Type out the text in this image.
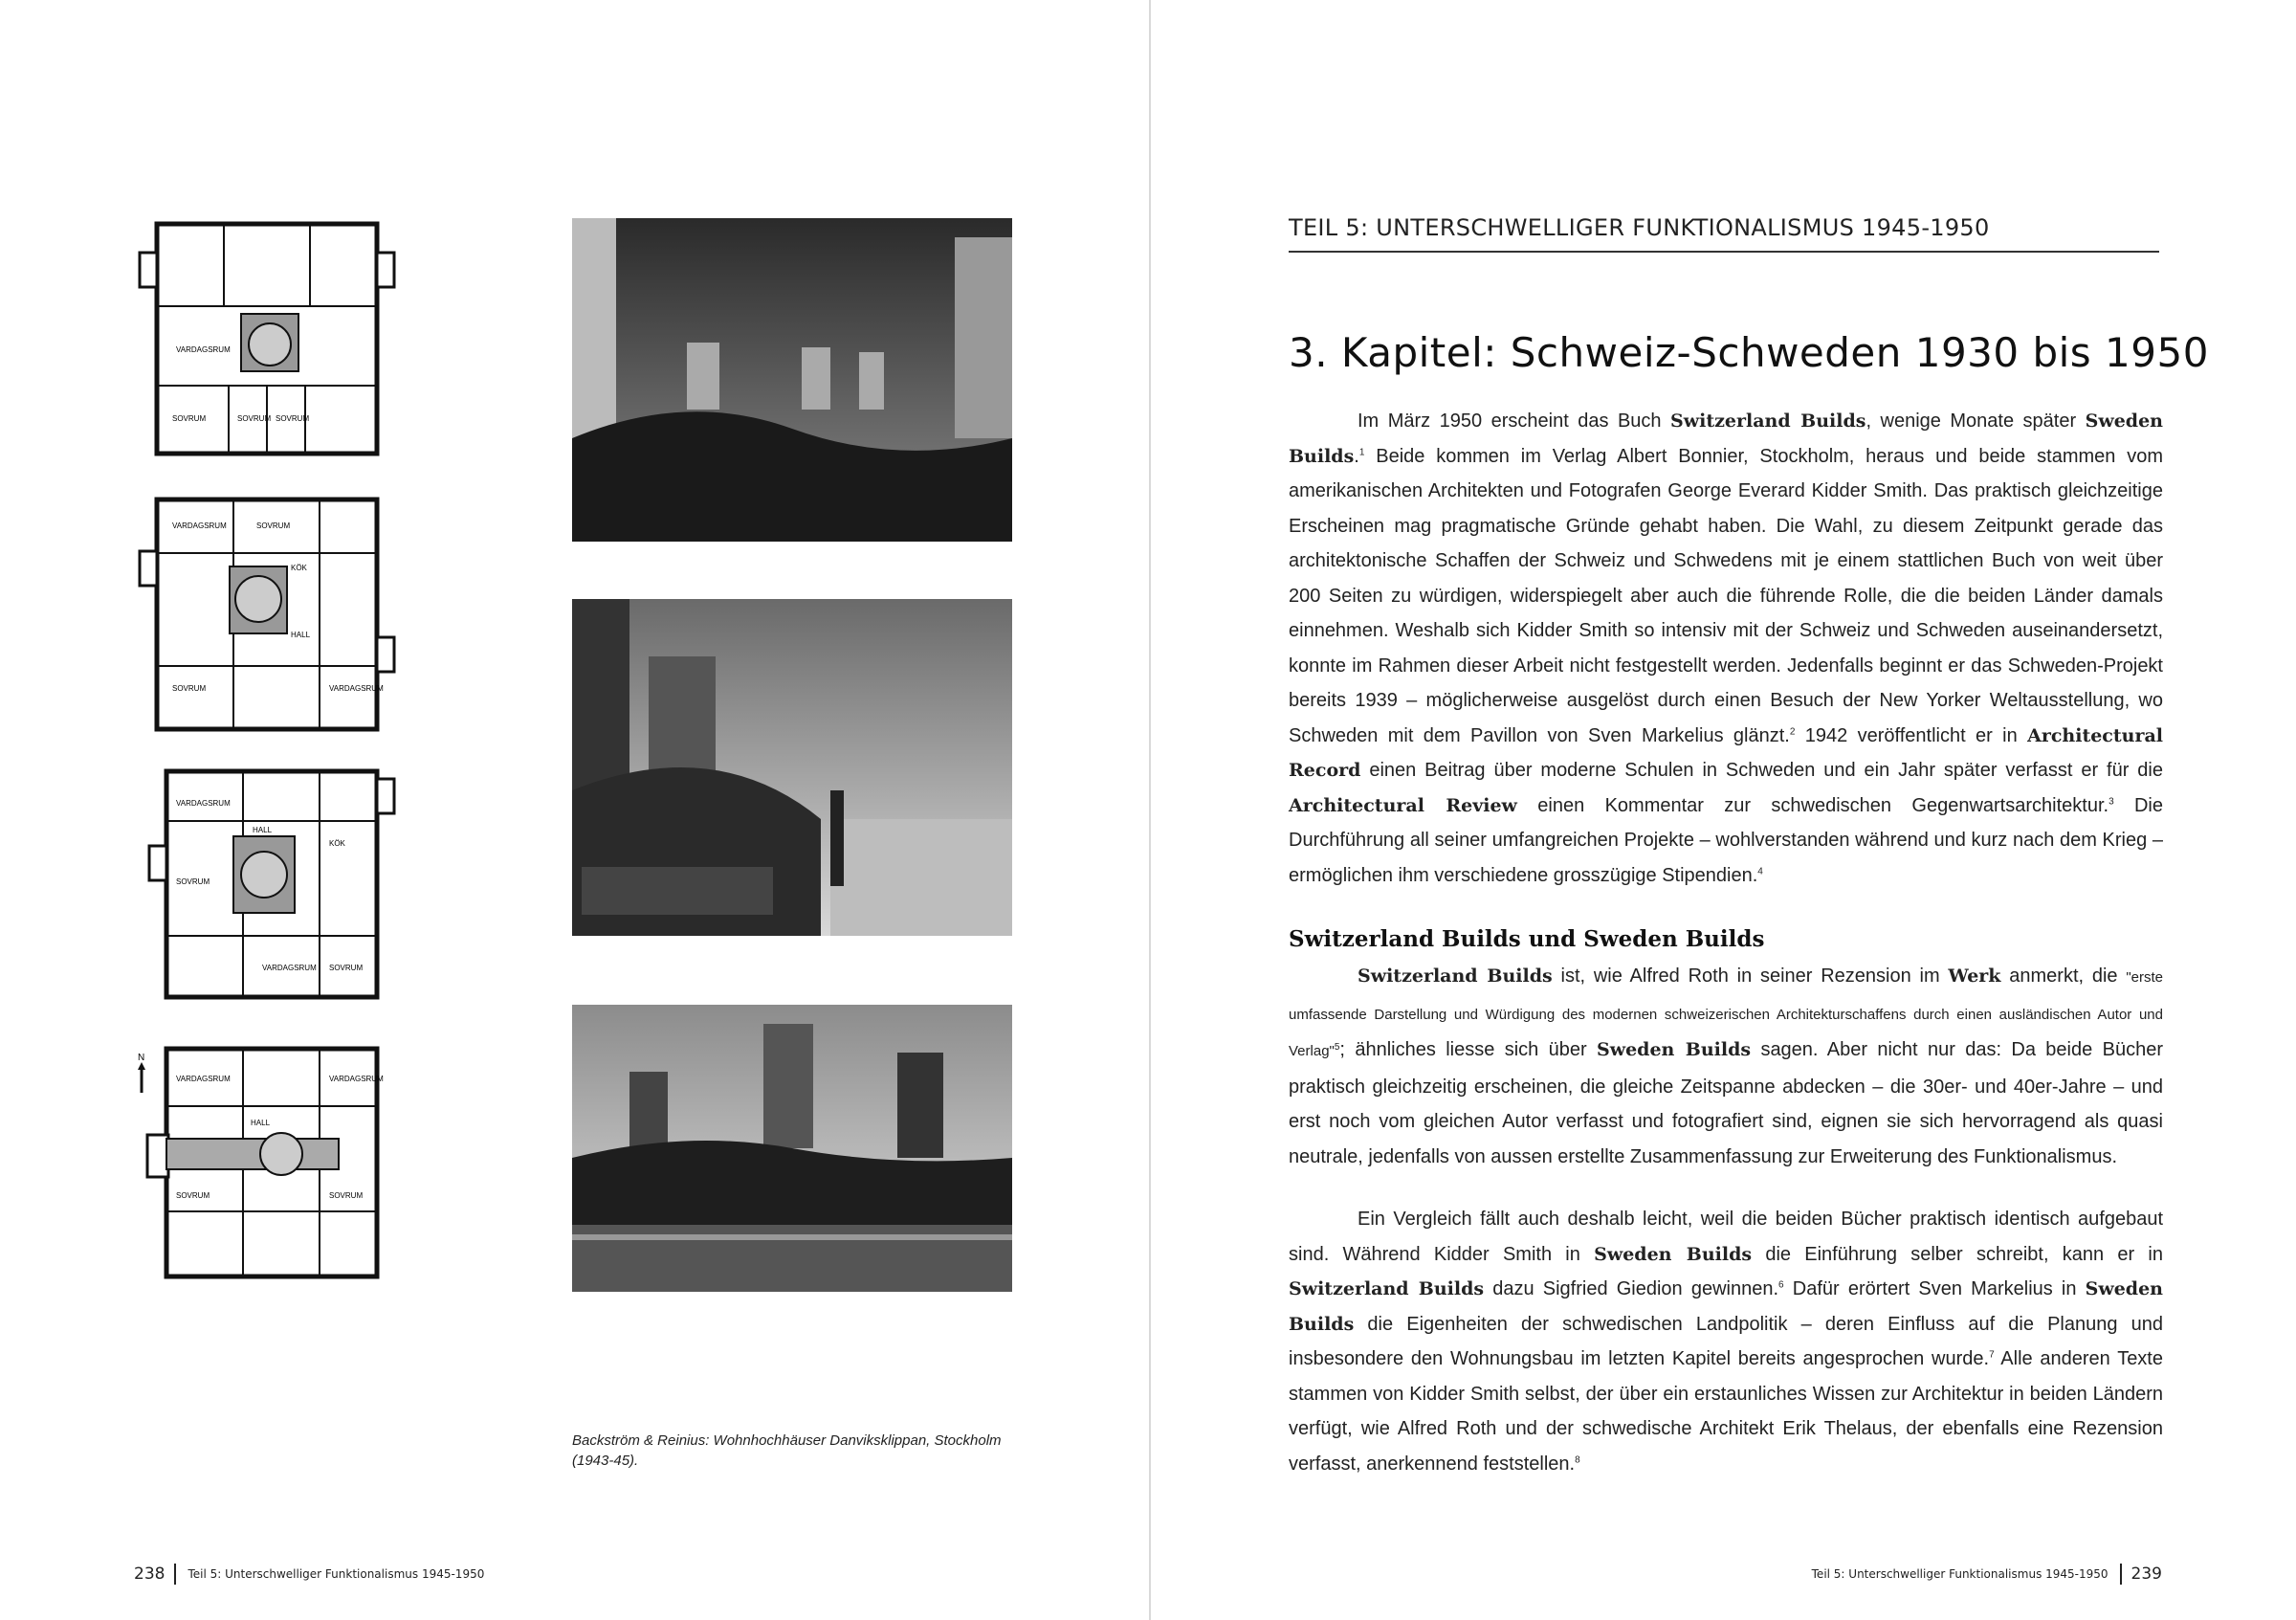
VARDAGSRUM
SOVRUM	SOVRUM SOVRUM
VARDAGSRUM	SOVRUM
KÖK
HALL
SOVRUM	VARDAGSRUM
VARDAGSRUM
KÖK
HALL
SOVRUM
VARDAGSRUM SOVRUM
VARDAGSRUM
HALL
SOVRUM	SOVRUM
VARDAGSRUM
N
Backström & Reinius: Wohnhochhäuser Danviksklippan, Stockholm (1943-45).
238 Teil 5: Unterschwelliger Funktionalismus 1945-1950
TEIL 5: UNTERSCHWELLIGER FUNKTIONALISMUS 1945-1950
3. Kapitel: Schweiz-Schweden 1930 bis 1950

Im März 1950 erscheint das Buch Switzerland Builds, wenige Monate später Sweden Builds.$^1$ Beide kommen im Verlag Albert Bonnier, Stockholm, heraus und beide stammen vom amerikanischen Architekten und Fotografen George Everard Kidder Smith. Das praktisch gleichzeitige Erscheinen mag pragmatische Gründe gehabt haben. Die Wahl, zu diesem Zeitpunkt gerade das architektonische Schaffen der Schweiz und Schwedens mit je einem stattlichen Buch von weit über 200 Seiten zu würdigen, widerspiegelt aber auch die führende Rolle, die die beiden Länder damals einnehmen. Weshalb sich Kidder Smith so intensiv mit der Schweiz und Schweden auseinandersetzt, konnte im Rahmen dieser Arbeit nicht festgestellt werden. Jedenfalls beginnt er das Schweden-Projekt bereits 1939 – möglicherweise ausgelöst durch einen Besuch der New Yorker Weltausstellung, wo Schweden mit dem Pavillon von Sven Markelius glänzt.$^2$ 1942 veröffentlicht er in Architectural Record einen Beitrag über moderne Schulen in Schweden und ein Jahr später verfasst er für die Architectural Review einen Kommentar zur schwedischen Gegenwartsarchitektur.$^3$ Die Durchführung all seiner umfangreichen Projekte – wohlverstanden während und kurz nach dem Krieg – ermöglichen ihm verschiedene grosszügige Stipendien.$^4$

Switzerland Builds und Sweden Builds

Switzerland Builds ist, wie Alfred Roth in seiner Rezension im Werk anmerkt, die "erste umfassende Darstellung und Würdigung des modernen schweizerischen Architekturschaffens durch einen ausländischen Autor und Verlag"$^5$; ähnliches liesse sich über Sweden Builds sagen. Aber nicht nur das: Da beide Bücher praktisch gleichzeitig erscheinen, die gleiche Zeitspanne abdecken – die 30er- und 40er-Jahre – und erst noch vom gleichen Autor verfasst und fotografiert sind, eignen sie sich hervorragend als quasi neutrale, jedenfalls von aussen erstellte Zusammenfassung zur Erweiterung des Funktionalismus.

Ein Vergleich fällt auch deshalb leicht, weil die beiden Bücher praktisch identisch aufgebaut sind. Während Kidder Smith in Sweden Builds die Einführung selber schreibt, kann er in Switzerland Builds dazu Sigfried Giedion gewinnen.$^6$ Dafür erörtert Sven Markelius in Sweden Builds die Eigenheiten der schwedischen Landpolitik – deren Einfluss auf die Planung und insbesondere den Wohnungsbau im letzten Kapitel bereits angesprochen wurde.$^7$ Alle anderen Texte stammen von Kidder Smith selbst, der über ein erstaunliches Wissen zur Architektur in beiden Ländern verfügt, wie Alfred Roth und der schwedische Architekt Erik Thelaus, der ebenfalls eine Rezension verfasst, anerkennend feststellen.$^8$

Teil 5: Unterschwelliger Funktionalismus 1945-1950 239
